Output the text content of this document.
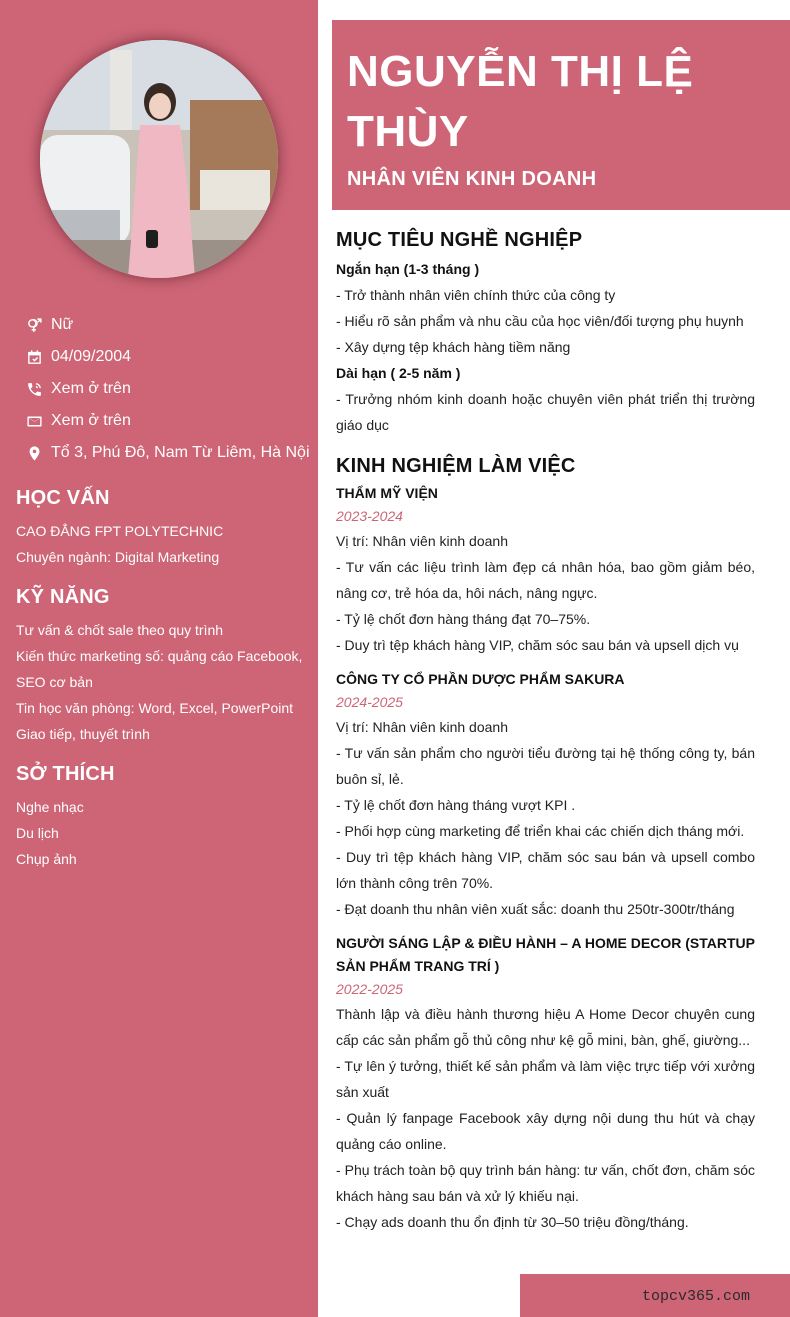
Nữ
04/09/2004
Xem ở trên
Xem ở trên
Tổ 3, Phú Đô, Nam Từ Liêm, Hà Nội
HỌC VẤN
CAO ĐẲNG FPT POLYTECHNIC
Chuyên ngành: Digital Marketing
KỸ NĂNG
Tư vấn & chốt sale theo quy trình
Kiến thức marketing số: quảng cáo Facebook, SEO cơ bản
Tin học văn phòng: Word, Excel, PowerPoint
Giao tiếp, thuyết trình
SỞ THÍCH
Nghe nhạc
Du lịch
Chụp ảnh
NGUYỄN THỊ LỆ
THÙY
NHÂN VIÊN KINH DOANH
MỤC TIÊU NGHỀ NGHIỆP
Ngắn hạn (1-3 tháng )
- Trở thành nhân viên chính thức của công ty
- Hiểu rõ sản phẩm và nhu cầu của học viên/đối tượng phụ huynh
- Xây dựng tệp khách hàng tiềm năng
Dài hạn ( 2-5 năm )
- Trưởng nhóm kinh doanh hoặc chuyên viên phát triển thị trường giáo dục
KINH NGHIỆM LÀM VIỆC
THẨM MỸ VIỆN
2023-2024
Vị trí: Nhân viên kinh doanh
- Tư vấn các liệu trình làm đẹp cá nhân hóa, bao gồm giảm béo, nâng cơ, trẻ hóa da, hôi nách, nâng ngực.
- Tỷ lệ chốt đơn hàng tháng đạt 70–75%.
- Duy trì tệp khách hàng VIP, chăm sóc sau bán và upsell dịch vụ
CÔNG TY CỔ PHẦN DƯỢC PHẨM SAKURA
2024-2025
Vị trí: Nhân viên kinh doanh
- Tư vấn sản phẩm cho người tiểu đường tại hệ thống công ty, bán buôn sỉ, lẻ.
- Tỷ lệ chốt đơn hàng tháng vượt KPI .
- Phối hợp cùng marketing để triển khai các chiến dịch tháng mới.
- Duy trì tệp khách hàng VIP, chăm sóc sau bán và upsell combo lớn thành công trên 70%.
- Đạt doanh thu nhân viên xuất sắc: doanh thu 250tr-300tr/tháng
NGƯỜI SÁNG LẬP & ĐIỀU HÀNH – A HOME DECOR (STARTUP SẢN PHẨM TRANG TRÍ )
2022-2025
Thành lập và điều hành thương hiệu A Home Decor chuyên cung cấp các sản phẩm gỗ thủ công như kệ gỗ mini, bàn, ghế, giường...
- Tự lên ý tưởng, thiết kế sản phẩm và làm việc trực tiếp với xưởng sản xuất
- Quản lý fanpage Facebook xây dựng nội dung thu hút và chạy quảng cáo online.
- Phụ trách toàn bộ quy trình bán hàng: tư vấn, chốt đơn, chăm sóc khách hàng sau bán và xử lý khiếu nại.
- Chạy ads doanh thu ổn định từ 30–50 triệu đồng/tháng.
topcv365.com
